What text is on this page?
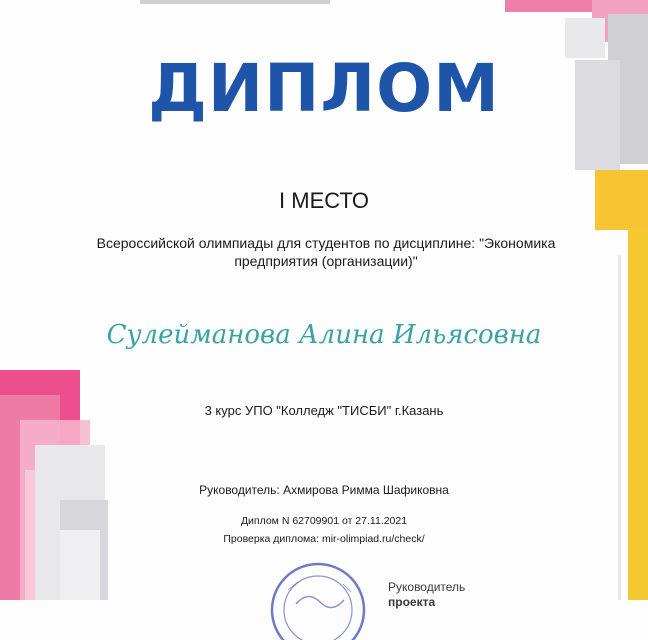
ДИПЛОМ
I МЕСТО
Всероссийской олимпиады для студентов по дисциплине: "Экономика предприятия (организации)"
Сулейманова Алина Ильясовна
3 курс УПО "Колледж "ТИСБИ" г.Казань
Руководитель: Ахмирова Римма Шафиковна
Диплом N 62709901 от 27.11.2021
Проверка диплома: mir-olimpiad.ru/check/
Руководитель
проекта
